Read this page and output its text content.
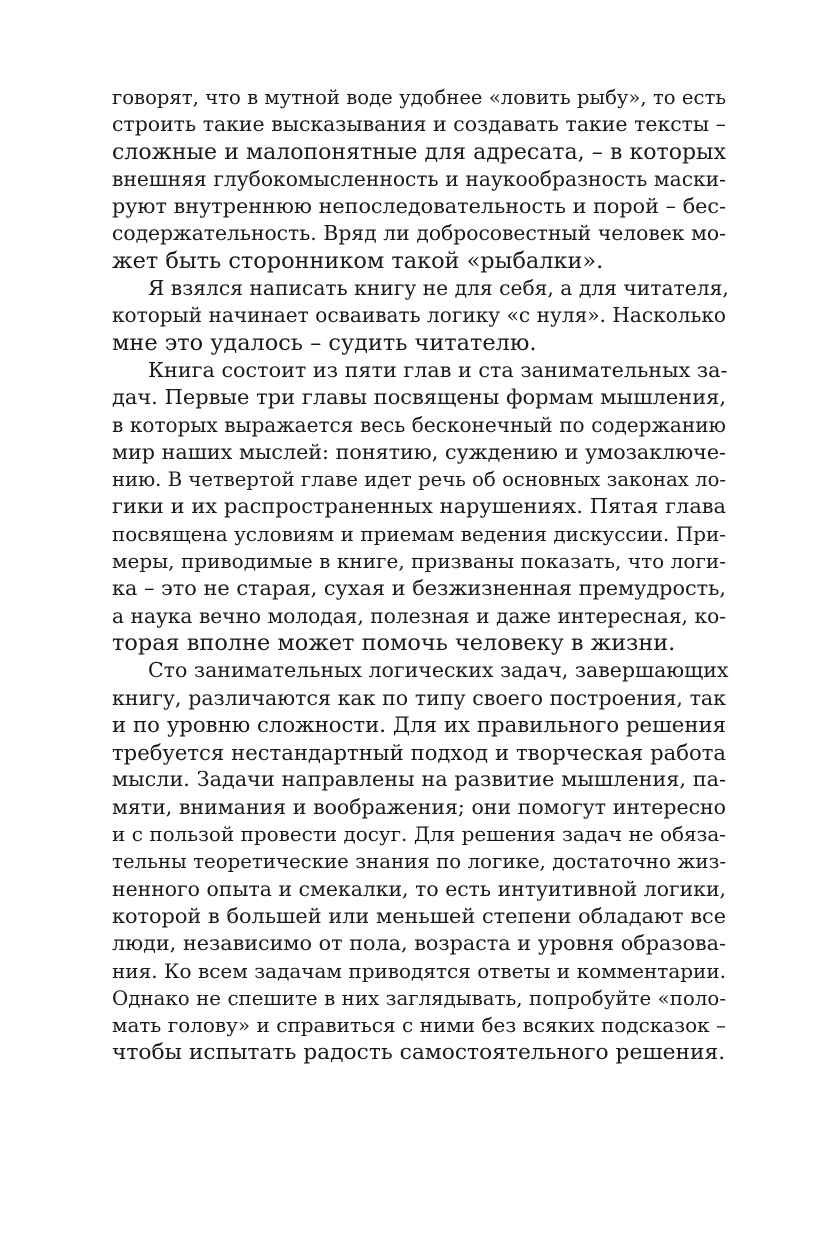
говорят, что в мутной воде удобнее «ловить рыбу», то есть
строить такие высказывания и создавать такие тексты –
сложные и малопонятные для адресата, – в которых
внешняя глубокомысленность и наукообразность маски-
руют внутреннюю непоследовательность и порой – бес-
содержательность. Вряд ли добросовестный человек мо-
жет быть сторонником такой «рыбалки».
Я взялся написать книгу не для себя, а для читателя,
который начинает осваивать логику «с нуля». Насколько
мне это удалось – судить читателю.
Книга состоит из пяти глав и ста занимательных за-
дач. Первые три главы посвящены формам мышления,
в которых выражается весь бесконечный по содержанию
мир наших мыслей: понятию, суждению и умозаключе-
нию. В четвертой главе идет речь об основных законах ло-
гики и их распространенных нарушениях. Пятая глава
посвящена условиям и приемам ведения дискуссии. При-
меры, приводимые в книге, призваны показать, что логи-
ка – это не старая, сухая и безжизненная премудрость,
а наука вечно молодая, полезная и даже интересная, ко-
торая вполне может помочь человеку в жизни.
Сто занимательных логических задач, завершающих
книгу, различаются как по типу своего построения, так
и по уровню сложности. Для их правильного решения
требуется нестандартный подход и творческая работа
мысли. Задачи направлены на развитие мышления, па-
мяти, внимания и воображения; они помогут интересно
и с пользой провести досуг. Для решения задач не обяза-
тельны теоретические знания по логике, достаточно жиз-
ненного опыта и смекалки, то есть интуитивной логики,
которой в большей или меньшей степени обладают все
люди, независимо от пола, возраста и уровня образова-
ния. Ко всем задачам приводятся ответы и комментарии.
Однако не спешите в них заглядывать, попробуйте «поло-
мать голову» и справиться с ними без всяких подсказок –
чтобы испытать радость самостоятельного решения.
